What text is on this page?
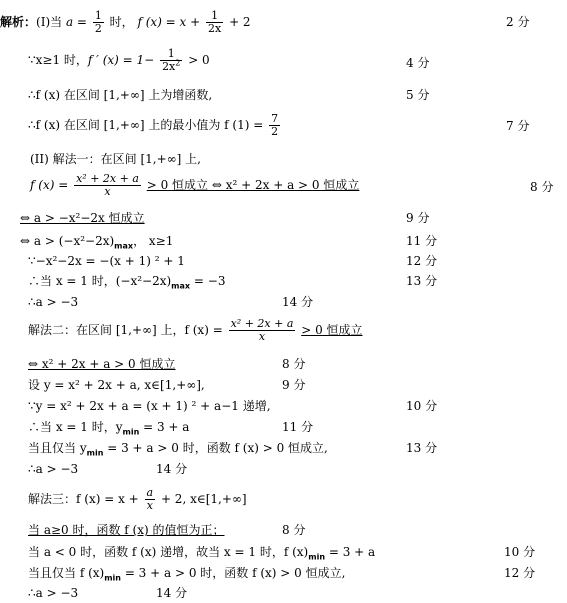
解析：(I)当 $a = \frac{1}{2}$ 时， f $(x) = x + \frac{1}{2x} + 2$	2 分
∵x≥1 时，f ′ $(x) = 1- \frac{1}{2x^2} > 0$	4 分
∴f (x) 在区间 [1,+∞] 上为增函数,	5 分
∴f (x) 在区间 [1,+∞] 上的最小值为 f $(1) = \frac{7}{2}$	7 分
(II) 解法一：在区间 [1,+∞] 上,
f $(x) = \frac{\text{x² + 2x + a}}{x} > 0$ 恒成立 ⇔ x² + 2x + a > 0 恒成立	8 分
⇔ a > −x²−2x 恒成立	9 分
⇔ $a > (-x^2-2x)_{max}$， x≥1	11 分
∵−x²−2x = −(x + 1) ² + 1	12 分
∴当 x = 1 时，$(-x^2-2x)_{max} = -3$	13 分
∴a > −3	14 分
解法二：在区间 [1,+∞] 上，f $(x) = \frac{\text{x² + 2x + a}}{x} > 0$ 恒成立
⇔ x² + 2x + a > 0 恒成立	8 分
设 y = x² + 2x + a, x∈[1,+∞],	9 分
∵y = x² + 2x + a = (x + 1) ² + a−1 递增,	10 分
∴当 x = 1 时，$y_{min} = 3 + a$	11 分
当且仅当 $y_{min} = 3 + a > 0$ 时，函数 f (x) > 0 恒成立,	13 分
∴a > −3	14 分
解法三：f $(x) = x + \frac{a}{x} + 2$, x∈[1,+∞]
当 a≥0 时，函数 f (x) 的值恒为正；	8 分
当 a < 0 时，函数 f (x) 递增，故当 x = 1 时，f $(x)_{min} = 3 + a$	10 分
当且仅当 f $(x)_{min} = 3 + a > 0$ 时，函数 f (x) > 0 恒成立,	12 分
∴a > −3	14 分
